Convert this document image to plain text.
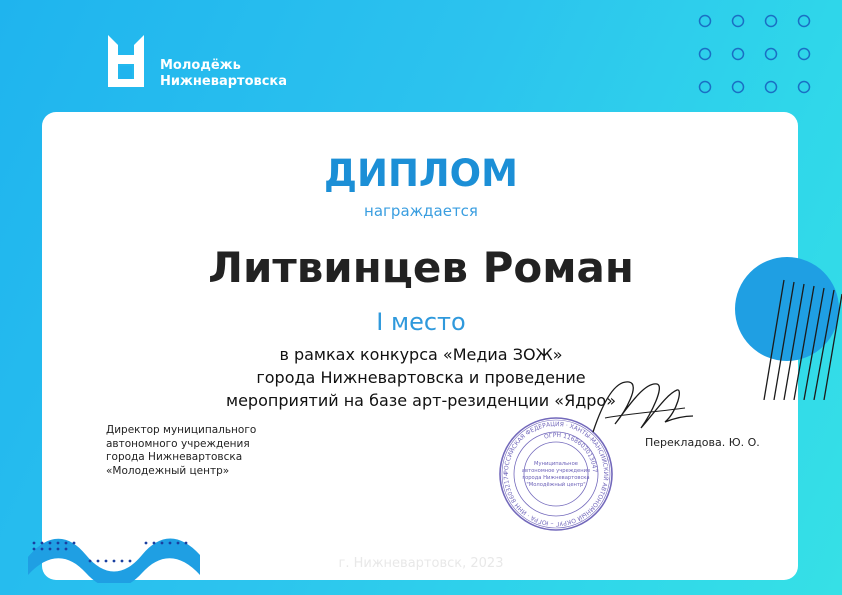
Молодёжь
Нижневартовска
ДИПЛОМ
награждается
Литвинцев Роман
I место
в рамках конкурса «Медиа ЗОЖ»
города Нижневартовска и проведение
мероприятий на базе арт-резиденции «Ядро»
Директор муниципального
автономного учреждения
города Нижневартовска
«Молодежный центр»	РОССИЙСКАЯ ФЕДЕРАЦИЯ · ХАНТЫ-МАНСИЙСКИЙ АВТОНОМНЫЙ ОКРУГ – ЮГРА · ИНН 86032174
ОГРН 1168603013047
Муниципальное
автономное учреждение
города Нижневартовска
"Молодёжный центр"
Перекладова. Ю. О.
г. Нижневартовск, 2023
